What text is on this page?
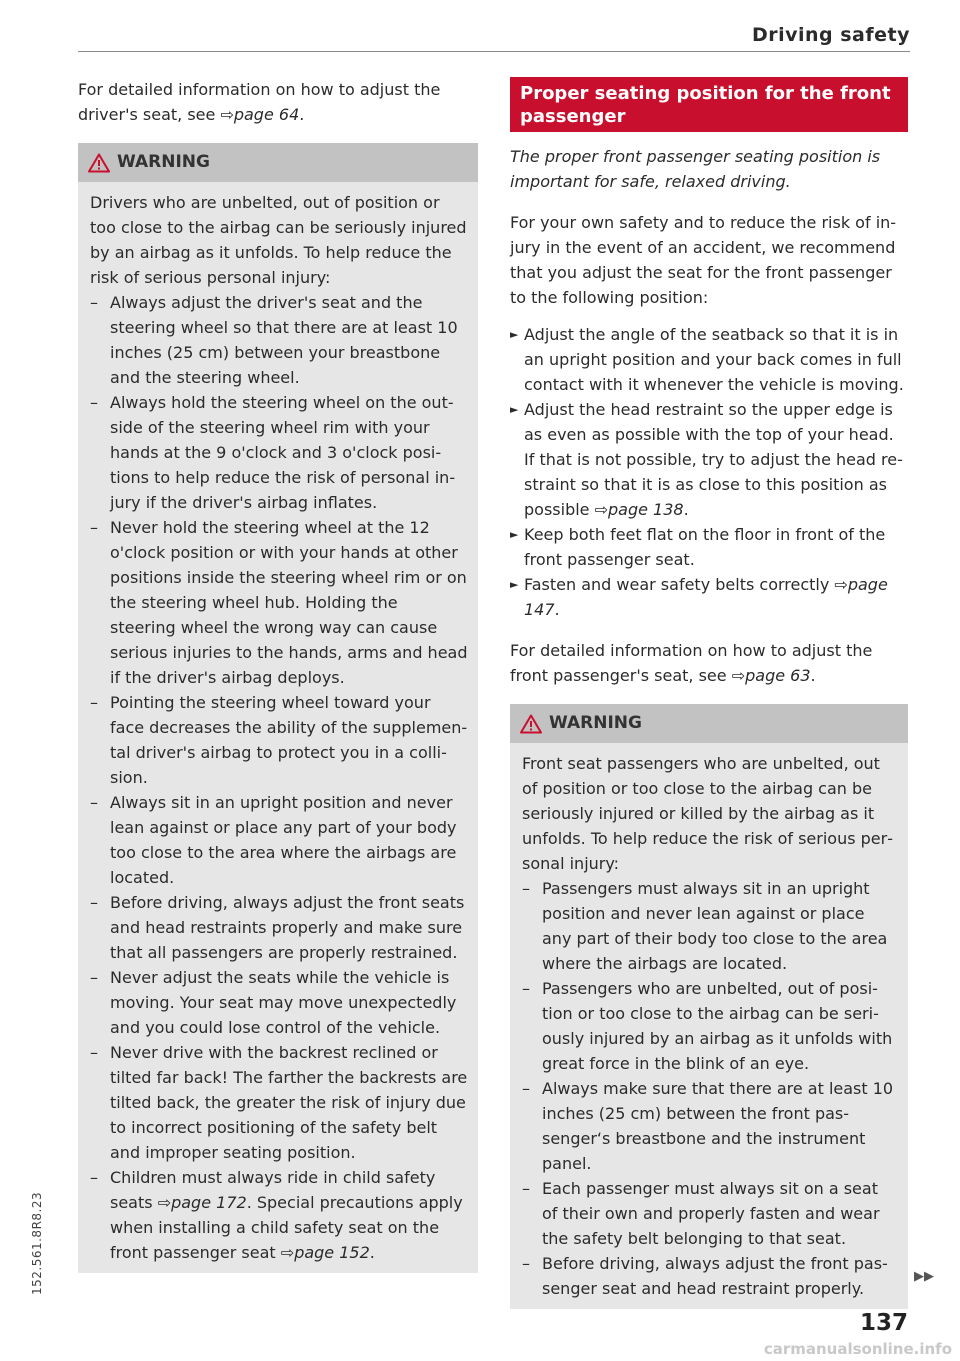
Driving safety

For detailed information on how to adjust the driver's seat, see ⇨page 64.

WARNING

Drivers who are unbelted, out of position or too close to the airbag can be seriously injured by an airbag as it unfolds. To help reduce the risk of serious personal injury:

– Always adjust the driver's seat and the steering wheel so that there are at least 10 inches (25 cm) between your breastbone and the steering wheel.
– Always hold the steering wheel on the outside of the steering wheel rim with your hands at the 9 o'clock and 3 o'clock positions to help reduce the risk of personal injury if the driver's airbag inflates.
– Never hold the steering wheel at the 12 o'clock position or with your hands at other positions inside the steering wheel rim or on the steering wheel hub. Holding the steering wheel the wrong way can cause serious injuries to the hands, arms and head if the driver's airbag deploys.
– Pointing the steering wheel toward your face decreases the ability of the supplemental driver's airbag to protect you in a collision.
– Always sit in an upright position and never lean against or place any part of your body too close to the area where the airbags are located.
– Before driving, always adjust the front seats and head restraints properly and make sure that all passengers are properly restrained.
– Never adjust the seats while the vehicle is moving. Your seat may move unexpectedly and you could lose control of the vehicle.
– Never drive with the backrest reclined or tilted far back! The farther the backrests are tilted back, the greater the risk of injury due to incorrect positioning of the safety belt and improper seating position.
– Children must always ride in child safety seats ⇨page 172. Special precautions apply when installing a child safety seat on the front passenger seat ⇨page 152.
Proper seating position for the front passenger

The proper front passenger seating position is important for safe, relaxed driving.

For your own safety and to reduce the risk of injury in the event of an accident, we recommend that you adjust the seat for the front passenger to the following position:

► Adjust the angle of the seatback so that it is in an upright position and your back comes in full contact with it whenever the vehicle is moving.
► Adjust the head restraint so the upper edge is as even as possible with the top of your head. If that is not possible, try to adjust the head restraint so that it is as close to this position as possible ⇨page 138.
► Keep both feet flat on the floor in front of the front passenger seat.
► Fasten and wear safety belts correctly ⇨page 147.

For detailed information on how to adjust the front passenger's seat, see ⇨page 63.

WARNING

Front seat passengers who are unbelted, out of position or too close to the airbag can be seriously injured or killed by the airbag as it unfolds. To help reduce the risk of serious personal injury:

– Passengers must always sit in an upright position and never lean against or place any part of their body too close to the area where the airbags are located.
– Passengers who are unbelted, out of position or too close to the airbag can be seriously injured by an airbag as it unfolds with great force in the blink of an eye.
– Always make sure that there are at least 10 inches (25 cm) between the front passenger‘s breastbone and the instrument panel.
– Each passenger must always sit on a seat of their own and properly fasten and wear the safety belt belonging to that seat.
– Before driving, always adjust the front passenger seat and head restraint properly.
▶▶
137
152.561.8R8.23
carmanualsonline.info
